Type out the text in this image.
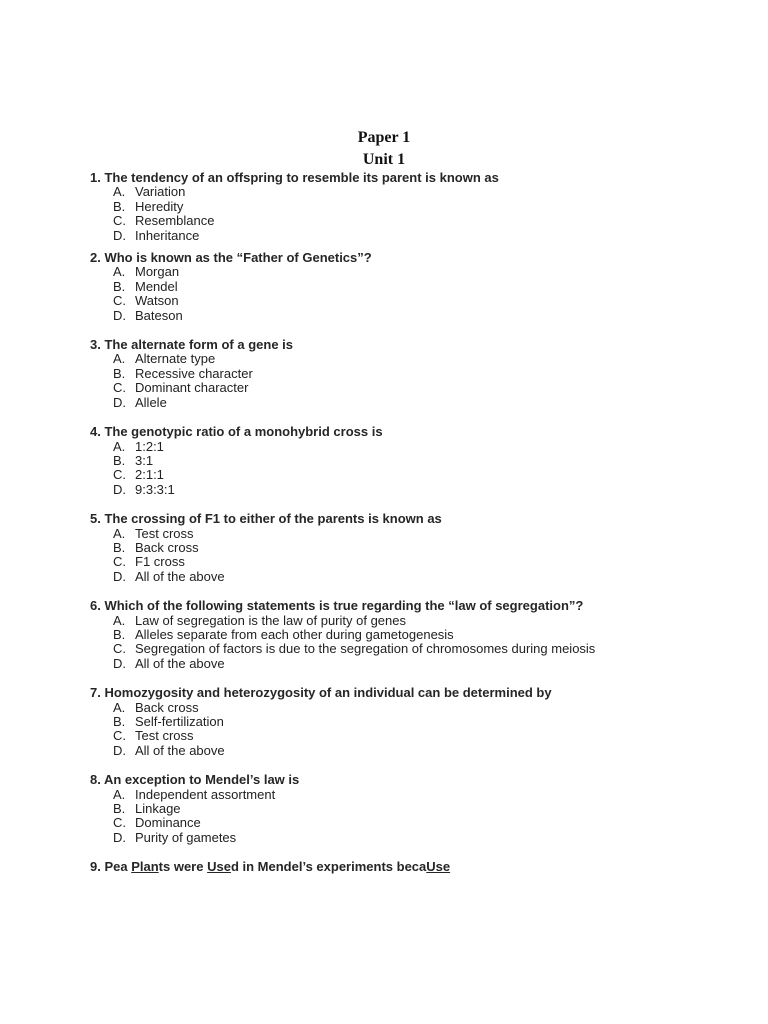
Paper 1
Unit 1
1. The tendency of an offspring to resemble its parent is known as
A. Variation
B. Heredity
C. Resemblance
D. Inheritance
2. Who is known as the “Father of Genetics”?
A. Morgan
B. Mendel
C. Watson
D. Bateson
3. The alternate form of a gene is
A. Alternate type
B. Recessive character
C. Dominant character
D. Allele
4. The genotypic ratio of a monohybrid cross is
A. 1:2:1
B. 3:1
C. 2:1:1
D. 9:3:3:1
5. The crossing of F1 to either of the parents is known as
A. Test cross
B. Back cross
C. F1 cross
D. All of the above
6. Which of the following statements is true regarding the “law of segregation”?
A. Law of segregation is the law of purity of genes
B. Alleles separate from each other during gametogenesis
C. Segregation of factors is due to the segregation of chromosomes during meiosis
D. All of the above
7. Homozygosity and heterozygosity of an individual can be determined by
A. Back cross
B. Self-fertilization
C. Test cross
D. All of the above
8. An exception to Mendel’s law is
A. Independent assortment
B. Linkage
C. Dominance
D. Purity of gametes
9. Pea Plants were Used in Mendel’s experiments becaUse
